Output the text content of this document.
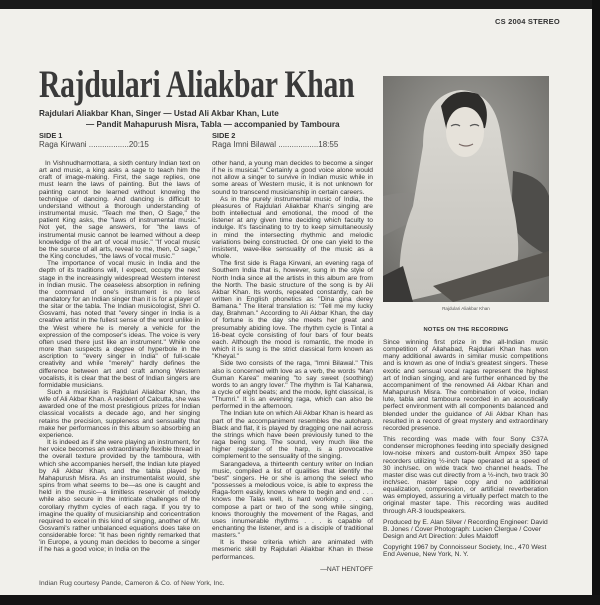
CS 2004 STEREO
Rajdulari Aliakbar Khan
Rajdulari Aliakbar Khan, Singer — Ustad Ali Akbar Khan, Lute
— Pandit Mahapurush Misra, Tabla — accompanied by Tamboura
SIDE 1
Raga Kirwani ..................20:15
SIDE 2
Raga Imni Bilawal ..................18:55

In Vishnudharmottara, a sixth century Indian text on art and music, a king asks a sage to teach him the craft of image-making. First, the sage replies, one must learn the laws of painting. But the laws of painting cannot be learned without knowing the technique of dancing. And dancing is difficult to understand without a thorough understanding of instrumental music. "Teach me then, O Sage," the patient King asks, the "laws of instrumental music." Not yet, the sage answers, for "the laws of instrumental music cannot be learned without a deep knowledge of the art of vocal music." "If vocal music be the source of all arts, reveal to me, then, O sage," the King concludes, "the laws of vocal music."

The importance of vocal music in India and the depth of its traditions will, I expect, occupy the next stage in the increasingly widespread Western interest in Indian music. The ceaseless absorption in refining the command of one's instrument is no less mandatory for an Indian singer than it is for a player of the sitar or the tabla. The Indian musicologist, Shri O. Gosvami, has noted that "every singer in India is a creative artist in the fullest sense of the word unlike in the West where he is merely a vehicle for the expression of the composer's ideas. The voice is very often used there just like an instrument." While one more than suspects a degree of hyperbole in the ascription to "every singer in India" of full-scale creativity and while "merely" hardly defines the difference between art and craft among Western vocalists, it is clear that the best of Indian singers are formidable musicians.

Such a musician is Rajdulari Aliakbar Khan, the wife of Ali Akbar Khan. A resident of Calcutta, she was awarded one of the most prestigious prizes for Indian classical vocalists a decade ago, and her singing retains the precision, suppleness and sensuality that make her performances in this album so absorbing an experience.

It is indeed as if she were playing an instrument, for her voice becomes an extraordinarily flexible thread in the overall texture provided by the tamboura, with which she accompanies herself, the Indian lute played by Ali Akbar Khan, and the tabla played by Mahapurush Misra. As an instrumentalist would, she spins from what seems to be—as one is caught and held in the music—a limitless reservoir of melody while also secure in the intricate challenges of the corollary rhythm cycles of each raga. If you try to imagine the quality of musicianship and concentration required to excel in this kind of singing, another of Mr. Gosvami's rather unbalanced equations does take on considerable force: "It has been rightly remarked that 'in Europe, a young man decides to become a singer if he has a good voice; in India on the

other hand, a young man decides to become a singer if he is musical.'" Certainly a good voice alone would not allow a singer to survive in Indian music while in some areas of Western music, it is not unknown for sound to transcend musicianship in certain careers.

As in the purely instrumental music of India, the pleasures of Rajdulari Aliakbar Khan's singing are both intellectual and emotional, the mood of the listener at any given time deciding which faculty to indulge. It's fascinating to try to keep simultaneously in mind the intersecting rhythmic and melodic variations being constructed. Or one can yield to the insistent, wave-like sensuality of the music as a whole.

The first side is Raga Kirwani, an evening raga of Southern India that is, however, sung in the style of North India since all the artists in this album are from the North. The basic structure of the song is by Ali Akbar Khan. Its words, repeated constantly, can be written in English phonetics as "Dina gina derey Bamana." The literal translation is: "Tell me my lucky day, Brahman." According to Ali Akbar Khan, the day of fortune is the day she meets her great and presumably abiding love. The rhythm cycle is Tintal a 16-beat cycle consisting of four bars of four beats each. Although the mood is romantic, the mode in which it is sung is the strict classical form known as "Kheyal."

Side two consists of the raga, "Imni Bilawal." This also is concerned with love as a verb, the words "Man Guman Karea" meaning "to say sweet (soothing) words to an angry lover." The rhythm is Tal Kaharwa, a cycle of eight beats; and the mode, light classical, is "Thumri." It is an evening raga, which can also be performed in the afternoon.

The Indian lute on which Ali Akbar Khan is heard as part of the accompaniment resembles the autoharp. Black and flat, it is played by dragging one nail across the strings which have been previously tuned to the raga being sung. The sound, very much like the higher register of the harp, is a provocative complement to the sensuality of the singing.

Sarangadeva, a thirteenth century writer on Indian music, compiled a list of qualities that identify the "best" singers. He or she is among the select who "possesses a melodious voice, is able to express the Raga-form easily, knows where to begin and end . . . knows the Talas well, is hard working . . . can compose a part or two of the song while singing, knows thoroughly the movement of the Ragas, and uses innumerable rhythms . . . is capable of enchanting the listener, and is a disciple of traditional masters."

It is these criteria which are animated with mesmeric skill by Rajdulari Aliakbar Khan in these performances.

—NAT HENTOFF

Rajdulari Aliakbar Khan
NOTES ON THE RECORDING

Since winning first prize in the all-Indian music competition of Allahabad, Rajdulari Khan has won many additional awards in similar music competitions and is known as one of India's greatest singers. These exotic and sensual vocal ragas represent the highest art of Indian singing, and are further enhanced by the accompaniment of the renowned Ali Akbar Khan and Mahapurush Misra. The combination of voice, Indian lute, tabla and tamboura recorded in an acoustically perfect environment with all components balanced and blended under the guidance of Ali Akbar Khan has resulted in a record of great mystery and extraordinary recorded presence.

This recording was made with four Sony C37A condenser microphones feeding into specially designed low-noise mixers and custom-built Ampex 350 tape recorders utilizing ½-inch tape operated at a speed of 30 inch/sec. on wide track two channel heads. The master disc was cut directly from a ½-inch, two track 30 inch/sec. master tape copy and no additional equalization, compression, or artificial reverberation was employed, assuring a virtually perfect match to the original master tape. This recording was audited through AR-3 loudspeakers.

Produced by E. Alan Silver / Recording Engineer: David B. Jones / Cover Photograph: Lucien Clergue / Cover Design and Art Direction: Jules Maidoff

Copyright 1967 by Connoisseur Society, Inc., 470 West End Avenue, New York, N. Y.

Indian Rug courtesy Pande, Cameron & Co. of New York, Inc.
